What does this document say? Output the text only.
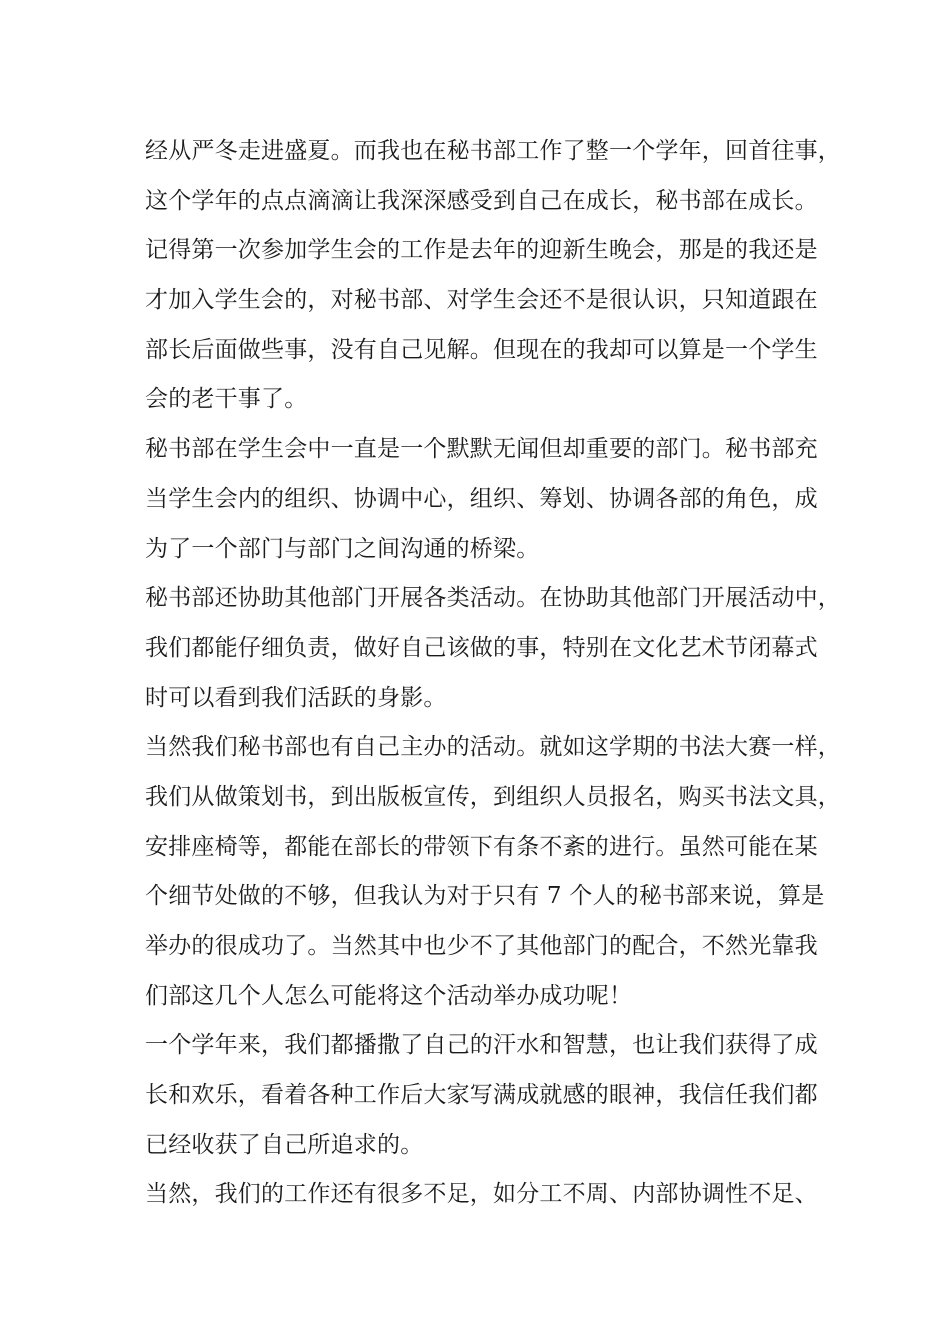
经从严冬走进盛夏。而我也在秘书部工作了整一个学年，回首往事，
这个学年的点点滴滴让我深深感受到自己在成长，秘书部在成长。
记得第一次参加学生会的工作是去年的迎新生晚会，那是的我还是
才加入学生会的，对秘书部、对学生会还不是很认识，只知道跟在
部长后面做些事，没有自己见解。但现在的我却可以算是一个学生
会的老干事了。
秘书部在学生会中一直是一个默默无闻但却重要的部门。秘书部充
当学生会内的组织、协调中心，组织、筹划、协调各部的角色，成
为了一个部门与部门之间沟通的桥梁。
秘书部还协助其他部门开展各类活动。在协助其他部门开展活动中，
我们都能仔细负责，做好自己该做的事，特别在文化艺术节闭幕式
时可以看到我们活跃的身影。
当然我们秘书部也有自己主办的活动。就如这学期的书法大赛一样，
我们从做策划书，到出版板宣传，到组织人员报名，购买书法文具，
安排座椅等，都能在部长的带领下有条不紊的进行。虽然可能在某
个细节处做的不够，但我认为对于只有 7 个人的秘书部来说，算是
举办的很成功了。当然其中也少不了其他部门的配合，不然光靠我
们部这几个人怎么可能将这个活动举办成功呢！
一个学年来，我们都播撒了自己的汗水和智慧，也让我们获得了成
长和欢乐，看着各种工作后大家写满成就感的眼神，我信任我们都
已经收获了自己所追求的。
当然，我们的工作还有很多不足，如分工不周、内部协调性不足、
